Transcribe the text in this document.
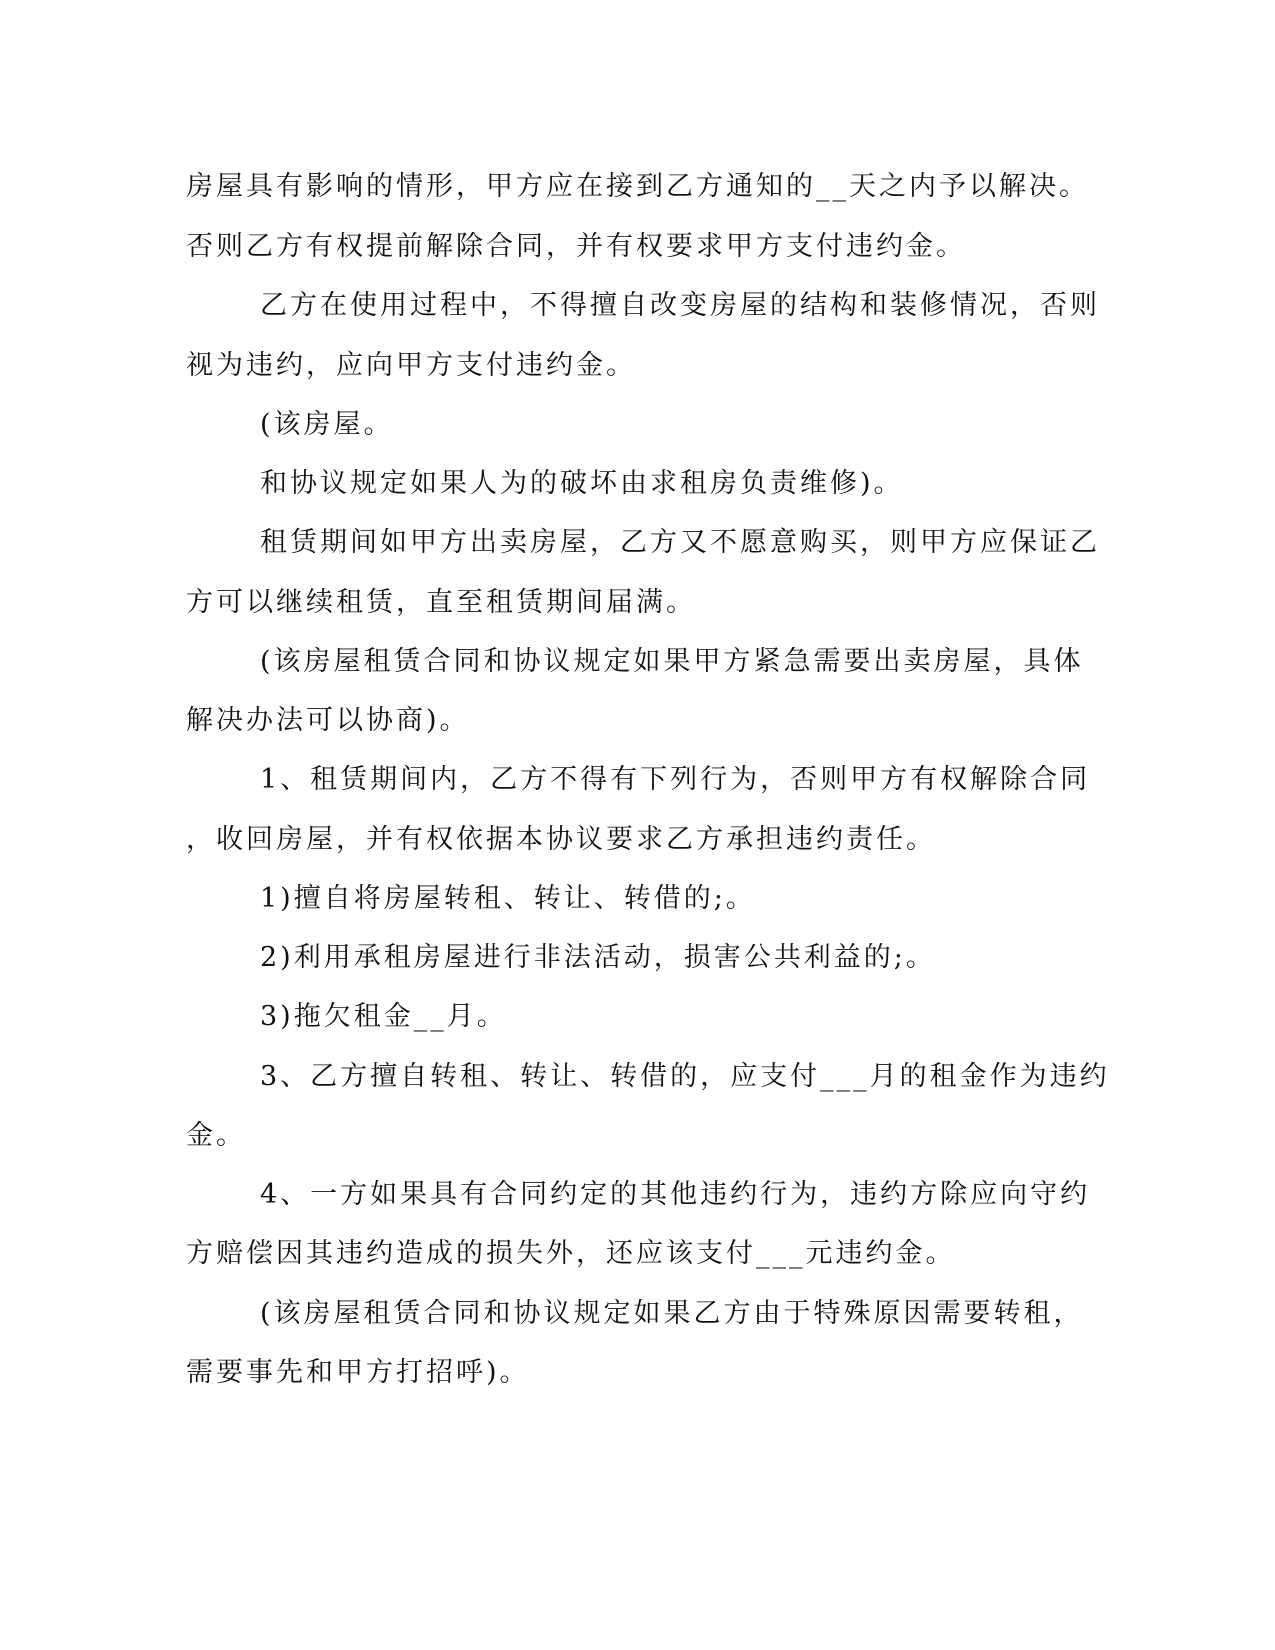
房屋具有影响的情形，甲方应在接到乙方通知的__天之内予以解决。
否则乙方有权提前解除合同，并有权要求甲方支付违约金。
乙方在使用过程中，不得擅自改变房屋的结构和装修情况，否则
视为违约，应向甲方支付违约金。
(该房屋。
和协议规定如果人为的破坏由求租房负责维修)。
租赁期间如甲方出卖房屋，乙方又不愿意购买，则甲方应保证乙
方可以继续租赁，直至租赁期间届满。
(该房屋租赁合同和协议规定如果甲方紧急需要出卖房屋，具体
解决办法可以协商)。
1、租赁期间内，乙方不得有下列行为，否则甲方有权解除合同
，收回房屋，并有权依据本协议要求乙方承担违约责任。
1)擅自将房屋转租、转让、转借的;。
2)利用承租房屋进行非法活动，损害公共利益的;。
3)拖欠租金__月。
3、乙方擅自转租、转让、转借的，应支付___月的租金作为违约
金。
4、一方如果具有合同约定的其他违约行为，违约方除应向守约
方赔偿因其违约造成的损失外，还应该支付___元违约金。
(该房屋租赁合同和协议规定如果乙方由于特殊原因需要转租，
需要事先和甲方打招呼)。
